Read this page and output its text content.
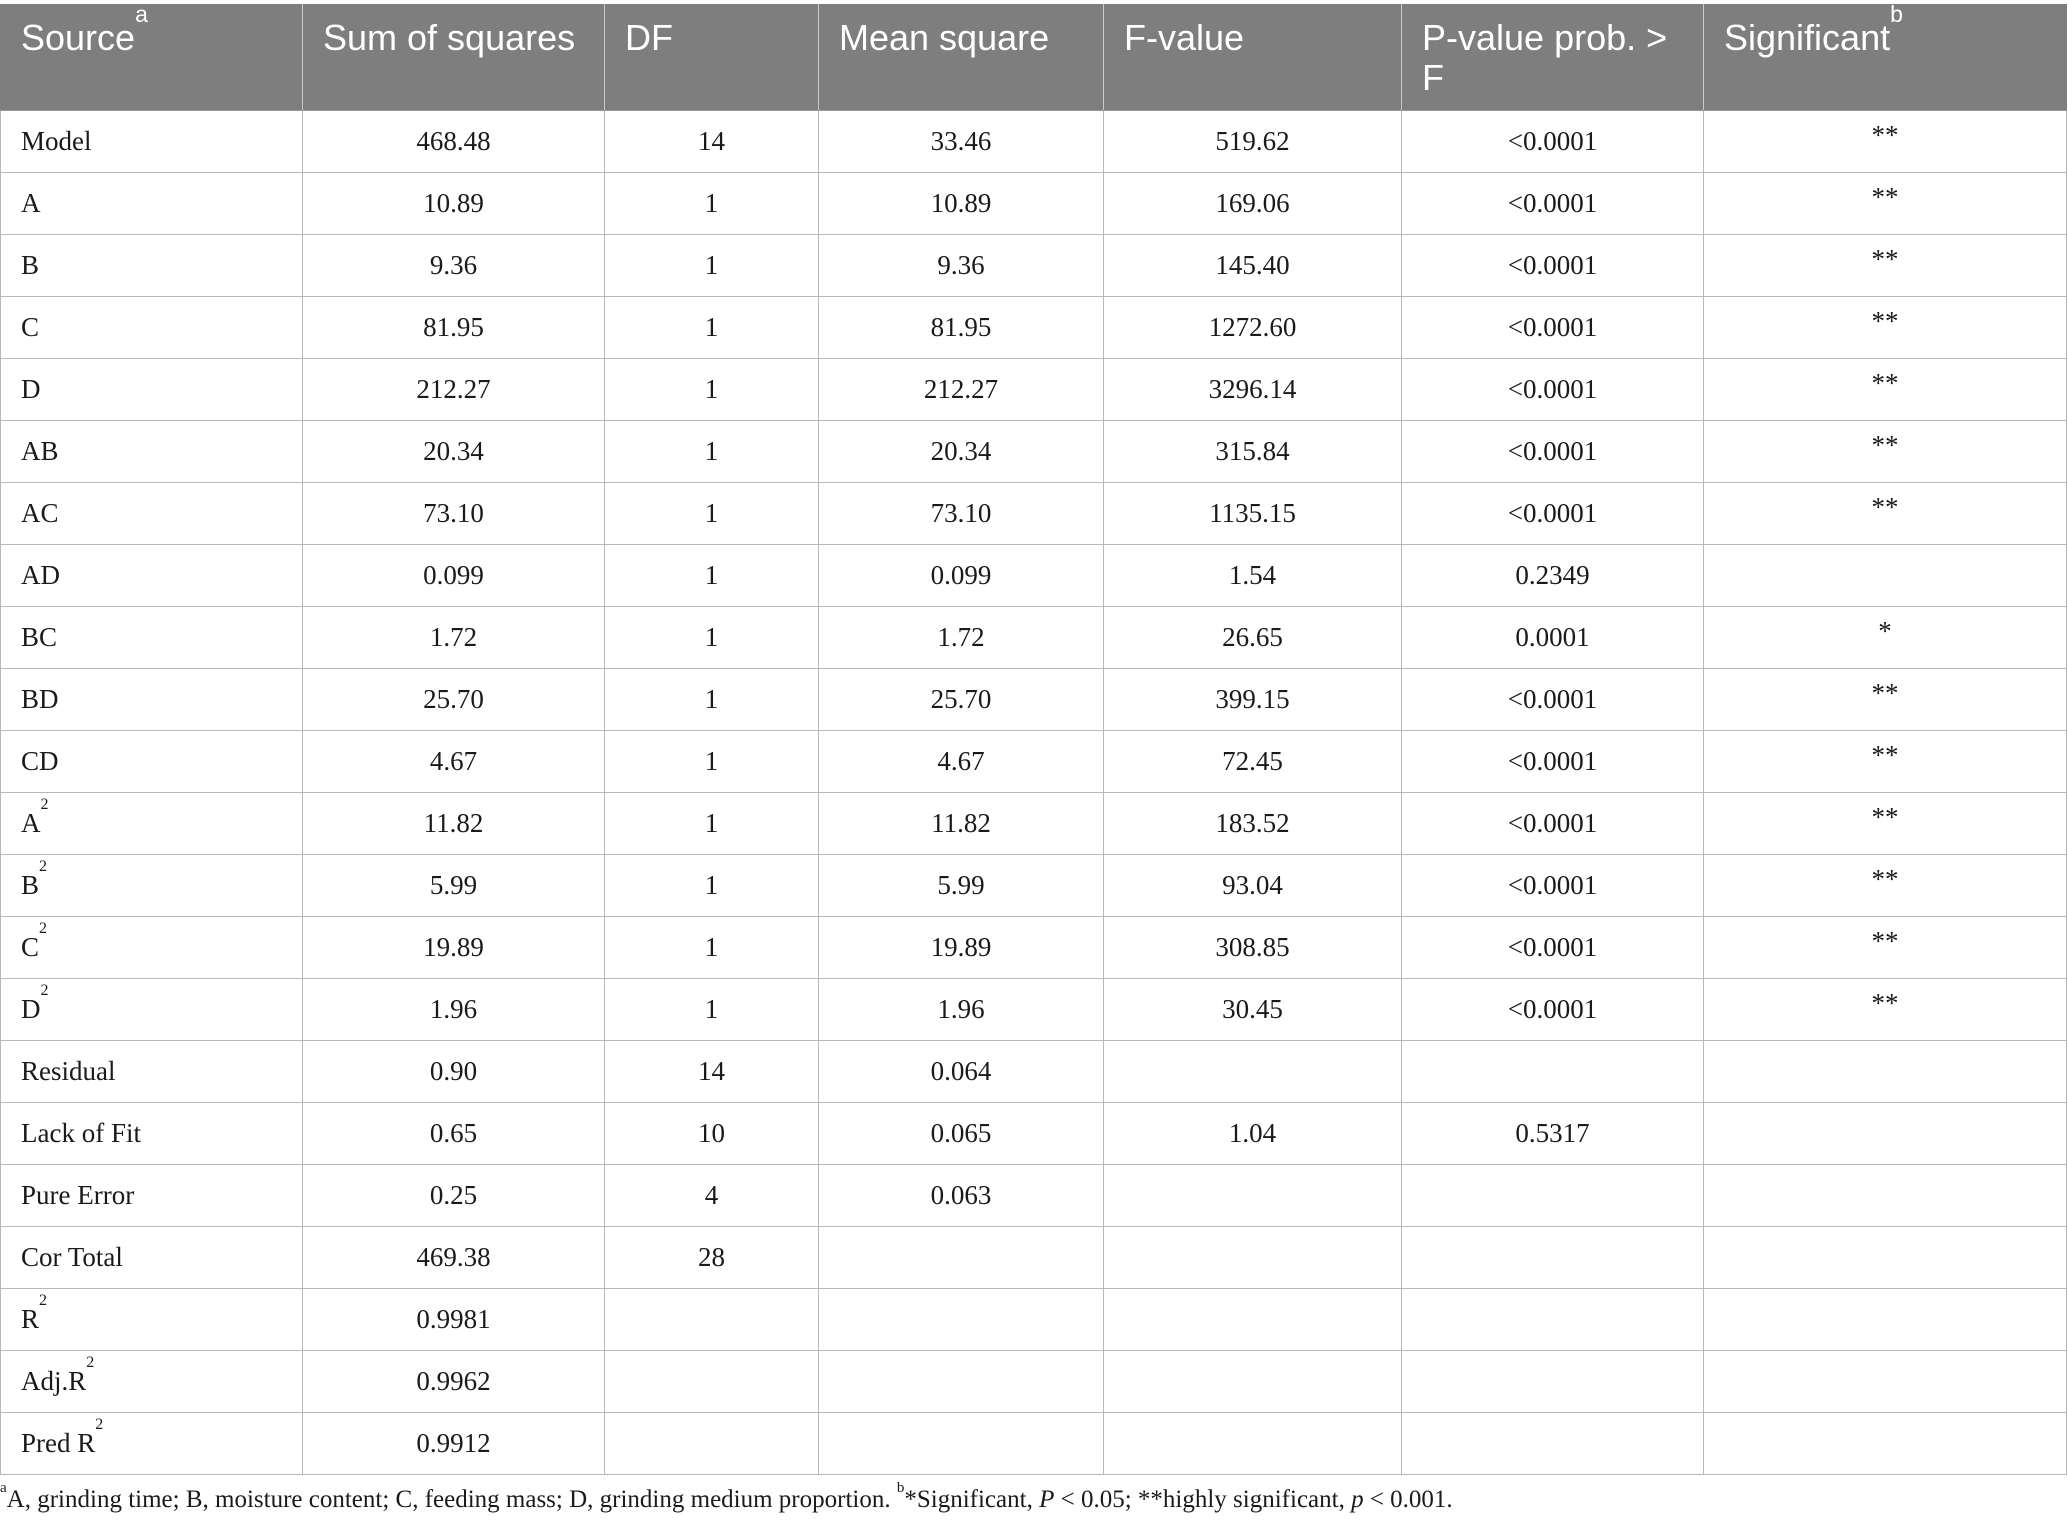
Source$^a$	Sum of squares	DF	Mean square	F-value	P-value prob. > F	Significant$^b$
Model	468.48	14	33.46	519.62	<0.0001	**
A	10.89	1	10.89	169.06	<0.0001	**
B	9.36	1	9.36	145.40	<0.0001	**
C	81.95	1	81.95	1272.60	<0.0001	**
D	212.27	1	212.27	3296.14	<0.0001	**
AB	20.34	1	20.34	315.84	<0.0001	**
AC	73.10	1	73.10	1135.15	<0.0001	**
AD	0.099	1	0.099	1.54	0.2349	
BC	1.72	1	1.72	26.65	0.0001	*
BD	25.70	1	25.70	399.15	<0.0001	**
CD	4.67	1	4.67	72.45	<0.0001	**
$A^2$	11.82	1	11.82	183.52	<0.0001	**
$B^2$	5.99	1	5.99	93.04	<0.0001	**
$C^2$	19.89	1	19.89	308.85	<0.0001	**
$D^2$	1.96	1	1.96	30.45	<0.0001	**
Residual	0.90	14	0.064			
Lack of Fit	0.65	10	0.065	1.04	0.5317	
Pure Error	0.25	4	0.063			
Cor Total	469.38	28				
$R^2$	0.9981					
$Adj.R^2$	0.9962					
Pred $R^2$	0.9912					
$^a$A, grinding time; B, moisture content; C, feeding mass; D, grinding medium proportion. $^b$*Significant, P < 0.05; **highly significant, p < 0.001.
